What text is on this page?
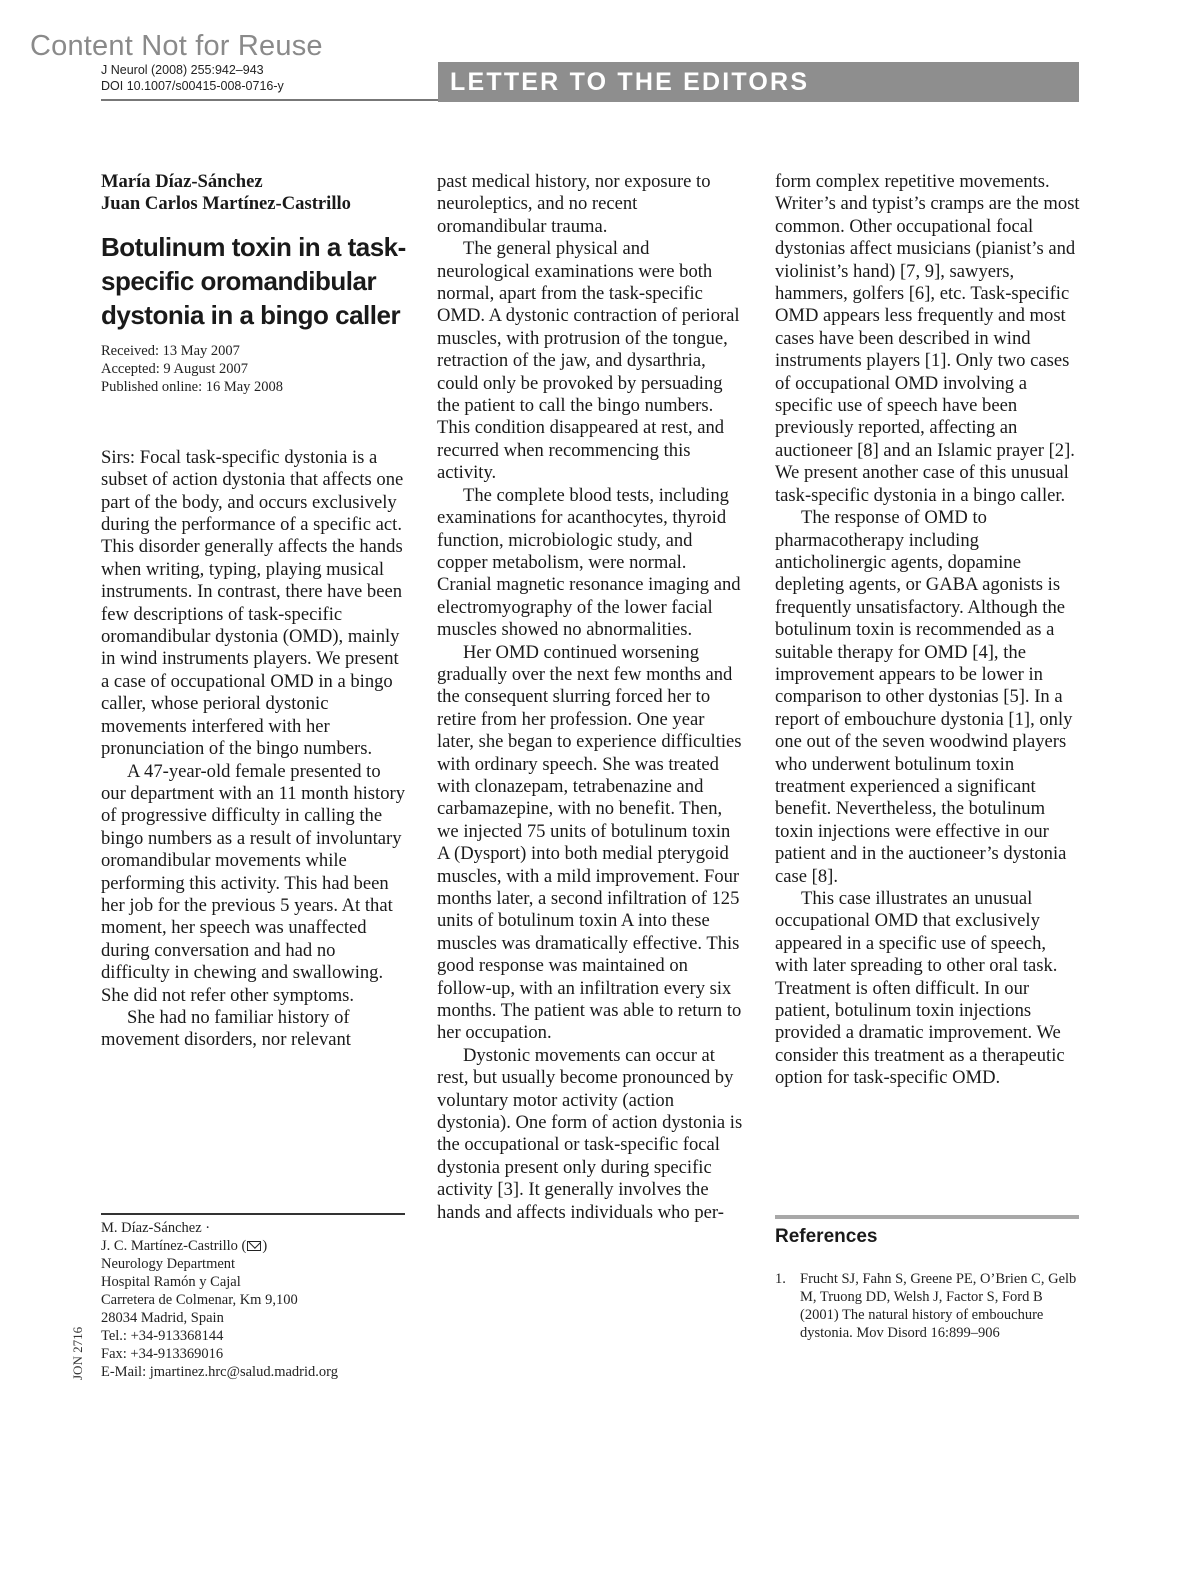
Content Not for Reuse
J Neurol (2008) 255:942–943
DOI 10.1007/s00415-008-0716-y	LETTER TO THE EDITORS

María Díaz-Sánchez

Juan Carlos Martínez-Castrillo

Botulinum toxin in a task-
specific oromandibular
dystonia in a bingo caller
Received: 13 May 2007
Accepted: 9 August 2007
Published online: 16 May 2008

Sirs: Focal task-specific dystonia is a subset of action dystonia that affects one part of the body, and occurs exclusively during the performance of a specific act. This disorder generally affects the hands when writing, typing, playing musical instruments. In contrast, there have been few descriptions of task-specific oromandibular dystonia (OMD), mainly in wind instruments players. We present a case of occupational OMD in a bingo caller, whose perioral dystonic movements interfered with her pronunciation of the bingo numbers.

A 47-year-old female presented to our department with an 11 month history of progressive difficulty in calling the bingo numbers as a result of involuntary oromandibular movements while performing this activity. This had been her job for the previous 5 years. At that moment, her speech was unaffected during conversation and had no difficulty in chewing and swallowing. She did not refer other symptoms.

She had no familiar history of movement disorders, nor relevant

M. Díaz-Sánchez ·
J. C. Martínez-Castrillo ( )
Neurology Department
Hospital Ramón y Cajal
Carretera de Colmenar, Km 9,100
28034 Madrid, Spain
Tel.: +34-913368144
Fax: +34-913369016
E-Mail: jmartinez.hrc@salud.madrid.org
JON 2716

past medical history, nor exposure to neuroleptics, and no recent oromandibular trauma.

The general physical and neurological examinations were both normal, apart from the task-specific OMD. A dystonic contraction of perioral muscles, with protrusion of the tongue, retraction of the jaw, and dysarthria, could only be provoked by persuading the patient to call the bingo numbers. This condition disappeared at rest, and recurred when recommencing this activity.

The complete blood tests, including examinations for acanthocytes, thyroid function, microbiologic study, and copper metabolism, were normal. Cranial magnetic resonance imaging and electromyography of the lower facial muscles showed no abnormalities.

Her OMD continued worsening gradually over the next few months and the consequent slurring forced her to retire from her profession. One year later, she began to experience difficulties with ordinary speech. She was treated with clonazepam, tetrabenazine and carbamazepine, with no benefit. Then, we injected 75 units of botulinum toxin A (Dysport) into both medial pterygoid muscles, with a mild improvement. Four months later, a second infiltration of 125 units of botulinum toxin A into these muscles was dramatically effective. This good response was maintained on follow-up, with an infiltration every six months. The patient was able to return to her occupation.

Dystonic movements can occur at rest, but usually become pronounced by voluntary motor activity (action dystonia). One form of action dystonia is the occupational or task-specific focal dystonia present only during specific activity [3]. It generally involves the hands and affects individuals who per-

form complex repetitive movements. Writer’s and typist’s cramps are the most common. Other occupational focal dystonias affect musicians (pianist’s and violinist’s hand) [7, 9], sawyers, hammers, golfers [6], etc. Task-specific OMD appears less frequently and most cases have been described in wind instruments players [1]. Only two cases of occupational OMD involving a specific use of speech have been previously reported, affecting an auctioneer [8] and an Islamic prayer [2]. We present another case of this unusual task-specific dystonia in a bingo caller.

The response of OMD to pharmacotherapy including anticholinergic agents, dopamine depleting agents, or GABA agonists is frequently unsatisfactory. Although the botulinum toxin is recommended as a suitable therapy for OMD [4], the improvement appears to be lower in comparison to other dystonias [5]. In a report of embouchure dystonia [1], only one out of the seven woodwind players who underwent botulinum toxin treatment experienced a significant benefit. Nevertheless, the botulinum toxin injections were effective in our patient and in the auctioneer’s dystonia case [8].

This case illustrates an unusual occupational OMD that exclusively appeared in a specific use of speech, with later spreading to other oral task. Treatment is often difficult. In our patient, botulinum toxin injections provided a dramatic improvement. We consider this treatment as a therapeutic option for task-specific OMD.

References
1. Frucht SJ, Fahn S, Greene PE, O’Brien C, Gelb M, Truong DD, Welsh J, Factor S, Ford B (2001) The natural history of embouchure dystonia. Mov Disord 16:899–906
